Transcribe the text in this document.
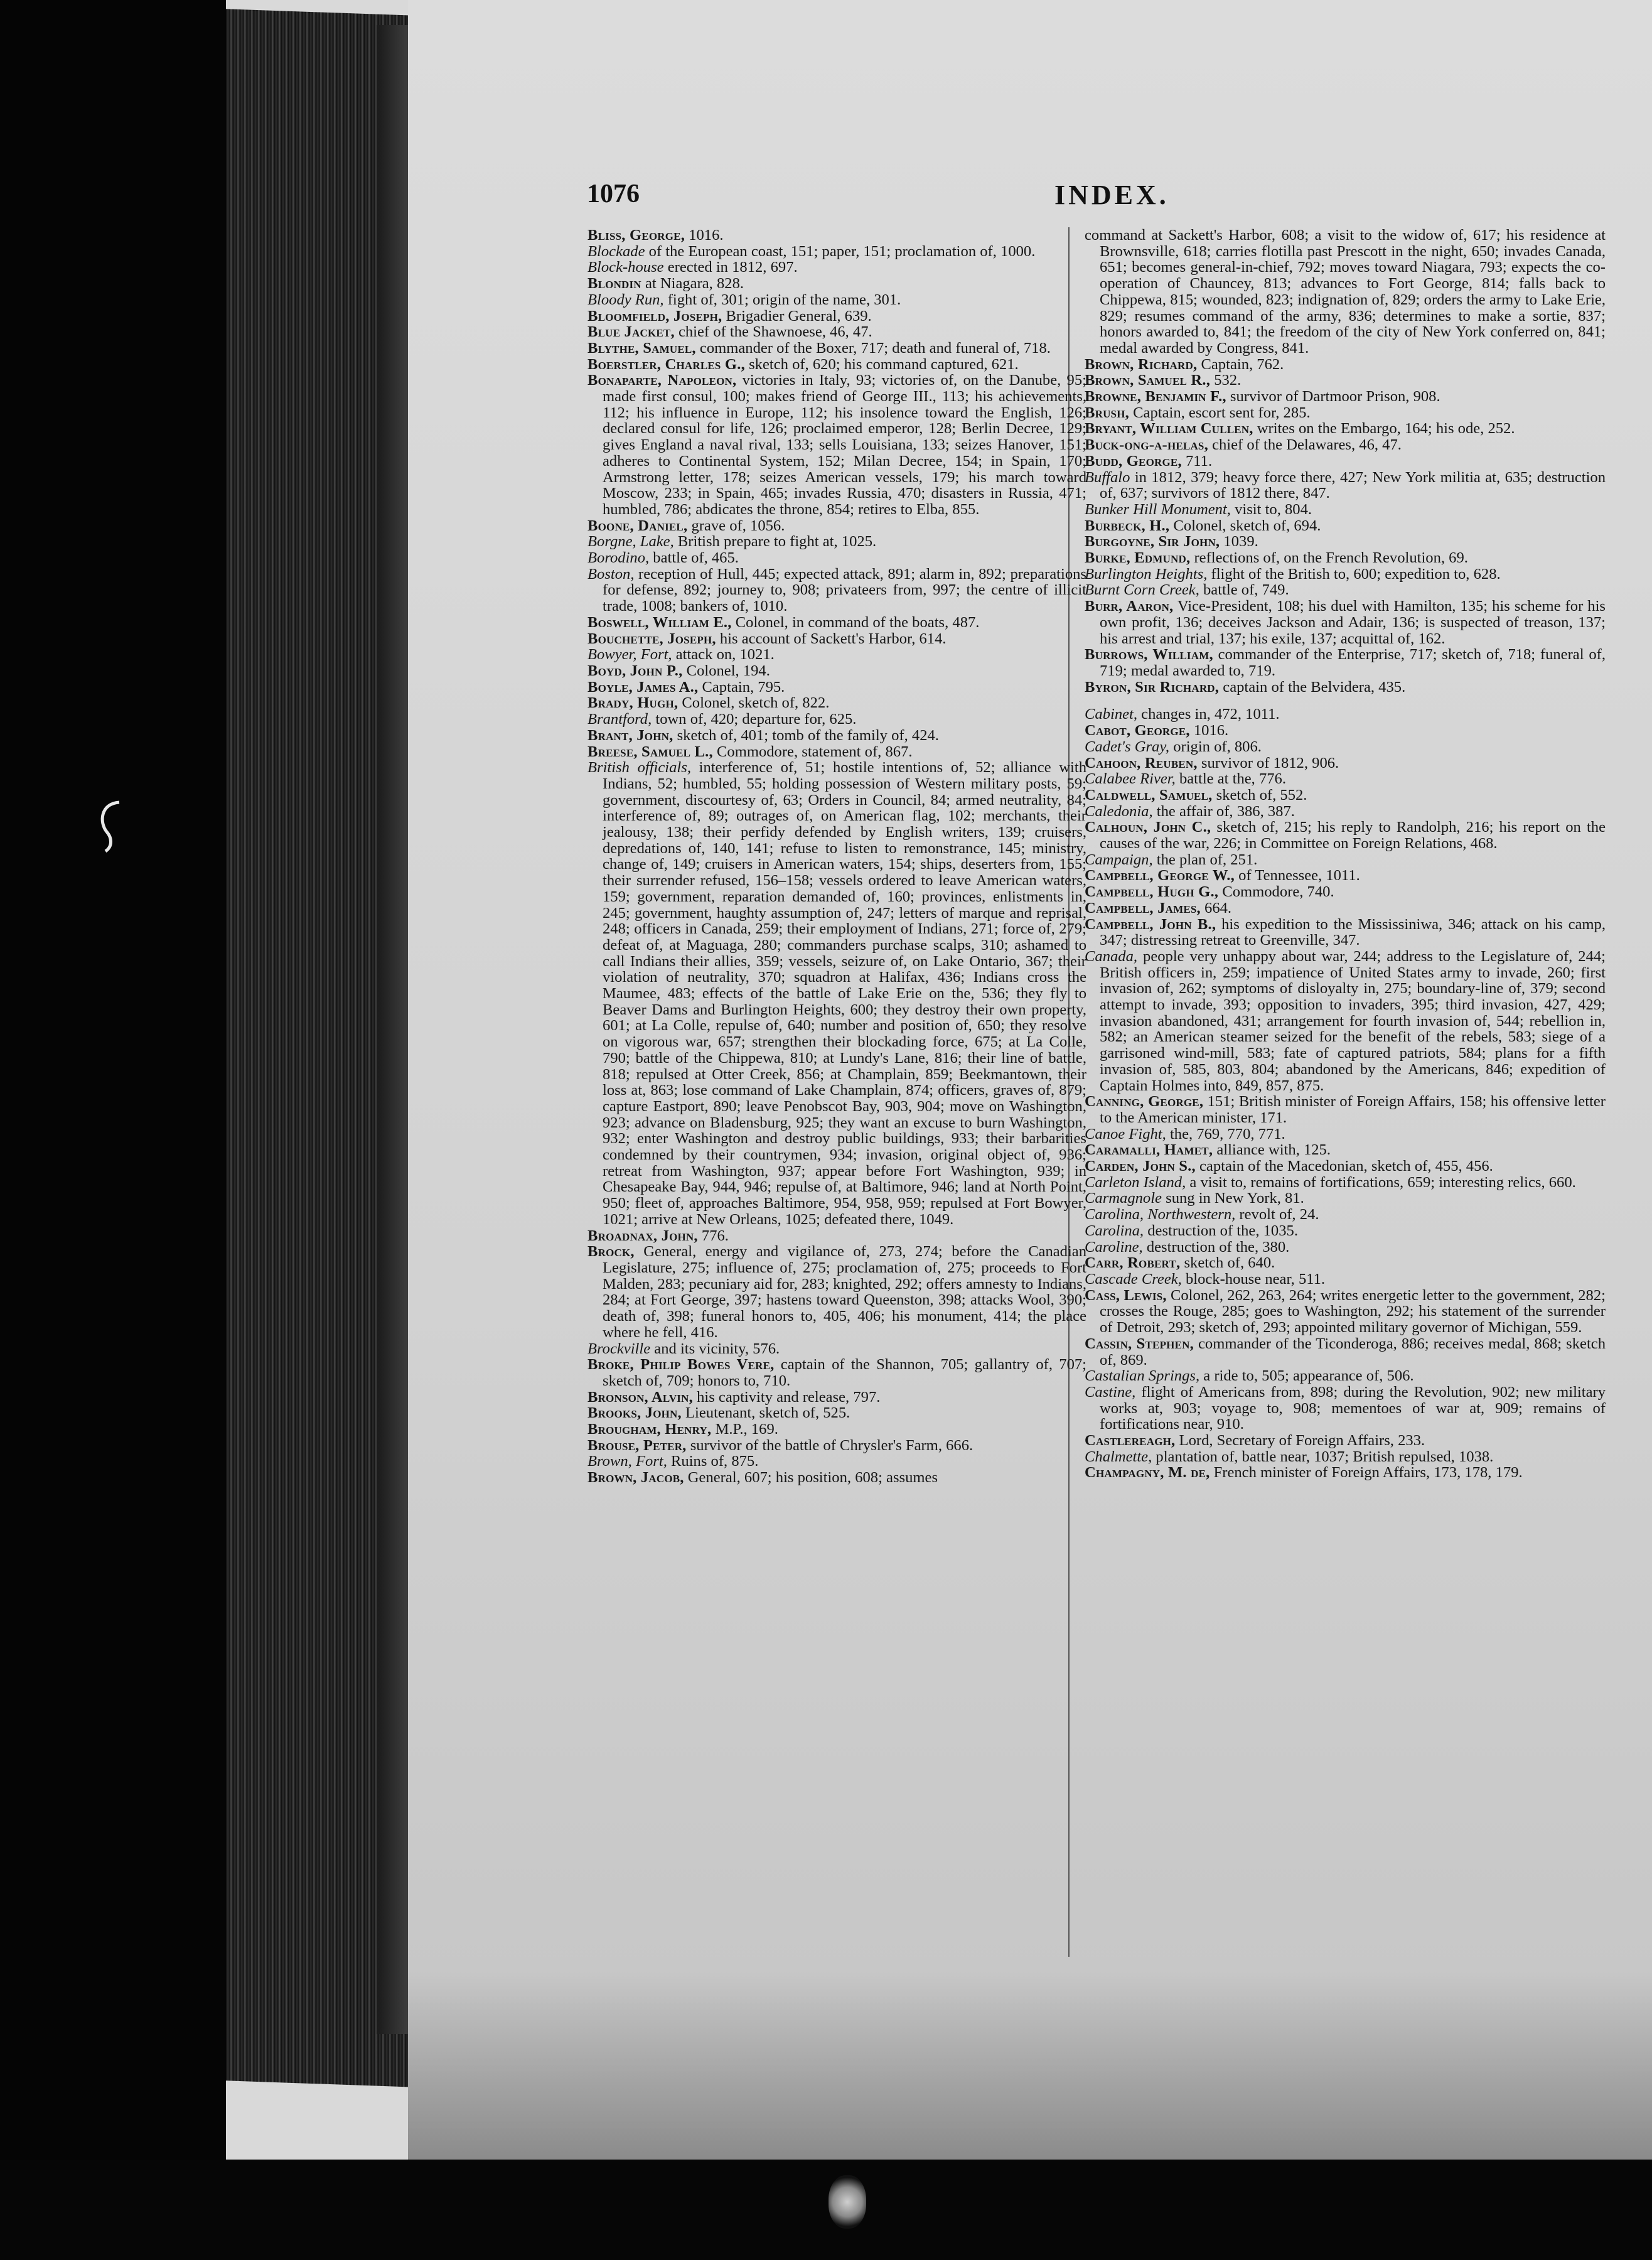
1076	INDEX.

Bliss, George, 1016.

Blockade of the European coast, 151; paper, 151; proclamation of, 1000.

Block-house erected in 1812, 697.

Blondin at Niagara, 828.

Bloody Run, fight of, 301; origin of the name, 301.

Bloomfield, Joseph, Brigadier General, 639.

Blue Jacket, chief of the Shawnoese, 46, 47.

Blythe, Samuel, commander of the Boxer, 717; death and funeral of, 718.

Boerstler, Charles G., sketch of, 620; his command captured, 621.

Bonaparte, Napoleon, victories in Italy, 93; victories of, on the Danube, 95; made first consul, 100; makes friend of George III., 113; his achievements, 112; his influence in Europe, 112; his insolence toward the English, 126; declared consul for life, 126; proclaimed emperor, 128; Berlin Decree, 129; gives England a naval rival, 133; sells Louisiana, 133; seizes Hanover, 151; adheres to Continental System, 152; Milan Decree, 154; in Spain, 170; Armstrong letter, 178; seizes American vessels, 179; his march toward Moscow, 233; in Spain, 465; invades Russia, 470; disasters in Russia, 471; humbled, 786; abdicates the throne, 854; retires to Elba, 855.

Boone, Daniel, grave of, 1056.

Borgne, Lake, British prepare to fight at, 1025.

Borodino, battle of, 465.

Boston, reception of Hull, 445; expected attack, 891; alarm in, 892; preparations for defense, 892; journey to, 908; privateers from, 997; the centre of illicit trade, 1008; bankers of, 1010.

Boswell, William E., Colonel, in command of the boats, 487.

Bouchette, Joseph, his account of Sackett's Harbor, 614.

Bowyer, Fort, attack on, 1021.

Boyd, John P., Colonel, 194.

Boyle, James A., Captain, 795.

Brady, Hugh, Colonel, sketch of, 822.

Brantford, town of, 420; departure for, 625.

Brant, John, sketch of, 401; tomb of the family of, 424.

Breese, Samuel L., Commodore, statement of, 867.

British officials, interference of, 51; hostile intentions of, 52; alliance with Indians, 52; humbled, 55; holding possession of Western military posts, 59; government, discourtesy of, 63; Orders in Council, 84; armed neutrality, 84; interference of, 89; outrages of, on American flag, 102; merchants, their jealousy, 138; their perfidy defended by English writers, 139; cruisers, depredations of, 140, 141; refuse to listen to remonstrance, 145; ministry, change of, 149; cruisers in American waters, 154; ships, deserters from, 155; their surrender refused, 156–158; vessels ordered to leave American waters, 159; government, reparation demanded of, 160; provinces, enlistments in, 245; government, haughty assumption of, 247; letters of marque and reprisal, 248; officers in Canada, 259; their employment of Indians, 271; force of, 279; defeat of, at Maguaga, 280; commanders purchase scalps, 310; ashamed to call Indians their allies, 359; vessels, seizure of, on Lake Ontario, 367; their violation of neutrality, 370; squadron at Halifax, 436; Indians cross the Maumee, 483; effects of the battle of Lake Erie on the, 536; they fly to Beaver Dams and Burlington Heights, 600; they destroy their own property, 601; at La Colle, repulse of, 640; number and position of, 650; they resolve on vigorous war, 657; strengthen their blockading force, 675; at La Colle, 790; battle of the Chippewa, 810; at Lundy's Lane, 816; their line of battle, 818; repulsed at Otter Creek, 856; at Champlain, 859; Beekmantown, their loss at, 863; lose command of Lake Champlain, 874; officers, graves of, 879; capture Eastport, 890; leave Penobscot Bay, 903, 904; move on Washington, 923; advance on Bladensburg, 925; they want an excuse to burn Washington, 932; enter Washington and destroy public buildings, 933; their barbarities condemned by their countrymen, 934; invasion, original object of, 936; retreat from Washington, 937; appear before Fort Washington, 939; in Chesapeake Bay, 944, 946; repulse of, at Baltimore, 946; land at North Point, 950; fleet of, approaches Baltimore, 954, 958, 959; repulsed at Fort Bowyer, 1021; arrive at New Orleans, 1025; defeated there, 1049.

Broadnax, John, 776.

Brock, General, energy and vigilance of, 273, 274; before the Canadian Legislature, 275; influence of, 275; proclamation of, 275; proceeds to Fort Malden, 283; pecuniary aid for, 283; knighted, 292; offers amnesty to Indians, 284; at Fort George, 397; hastens toward Queenston, 398; attacks Wool, 390; death of, 398; funeral honors to, 405, 406; his monument, 414; the place where he fell, 416.

Brockville and its vicinity, 576.

Broke, Philip Bowes Vere, captain of the Shannon, 705; gallantry of, 707; sketch of, 709; honors to, 710.

Bronson, Alvin, his captivity and release, 797.

Brooks, John, Lieutenant, sketch of, 525.

Brougham, Henry, M.P., 169.

Brouse, Peter, survivor of the battle of Chrysler's Farm, 666.

Brown, Fort, Ruins of, 875.

Brown, Jacob, General, 607; his position, 608; assumes

command at Sackett's Harbor, 608; a visit to the widow of, 617; his residence at Brownsville, 618; carries flotilla past Prescott in the night, 650; invades Canada, 651; becomes general-in-chief, 792; moves toward Niagara, 793; expects the co-operation of Chauncey, 813; advances to Fort George, 814; falls back to Chippewa, 815; wounded, 823; indignation of, 829; orders the army to Lake Erie, 829; resumes command of the army, 836; determines to make a sortie, 837; honors awarded to, 841; the freedom of the city of New York conferred on, 841; medal awarded by Congress, 841.

Brown, Richard, Captain, 762.

Brown, Samuel R., 532.

Browne, Benjamin F., survivor of Dartmoor Prison, 908.

Brush, Captain, escort sent for, 285.

Bryant, William Cullen, writes on the Embargo, 164; his ode, 252.

Buck-ong-a-helas, chief of the Delawares, 46, 47.

Budd, George, 711.

Buffalo in 1812, 379; heavy force there, 427; New York militia at, 635; destruction of, 637; survivors of 1812 there, 847.

Bunker Hill Monument, visit to, 804.

Burbeck, H., Colonel, sketch of, 694.

Burgoyne, Sir John, 1039.

Burke, Edmund, reflections of, on the French Revolution, 69.

Burlington Heights, flight of the British to, 600; expedition to, 628.

Burnt Corn Creek, battle of, 749.

Burr, Aaron, Vice-President, 108; his duel with Hamilton, 135; his scheme for his own profit, 136; deceives Jackson and Adair, 136; is suspected of treason, 137; his arrest and trial, 137; his exile, 137; acquittal of, 162.

Burrows, William, commander of the Enterprise, 717; sketch of, 718; funeral of, 719; medal awarded to, 719.

Byron, Sir Richard, captain of the Belvidera, 435.

Cabinet, changes in, 472, 1011.

Cabot, George, 1016.

Cadet's Gray, origin of, 806.

Cahoon, Reuben, survivor of 1812, 906.

Calabee River, battle at the, 776.

Caldwell, Samuel, sketch of, 552.

Caledonia, the affair of, 386, 387.

Calhoun, John C., sketch of, 215; his reply to Randolph, 216; his report on the causes of the war, 226; in Committee on Foreign Relations, 468.

Campaign, the plan of, 251.

Campbell, George W., of Tennessee, 1011.

Campbell, Hugh G., Commodore, 740.

Campbell, James, 664.

Campbell, John B., his expedition to the Mississiniwa, 346; attack on his camp, 347; distressing retreat to Greenville, 347.

Canada, people very unhappy about war, 244; address to the Legislature of, 244; British officers in, 259; impatience of United States army to invade, 260; first invasion of, 262; symptoms of disloyalty in, 275; boundary-line of, 379; second attempt to invade, 393; opposition to invaders, 395; third invasion, 427, 429; invasion abandoned, 431; arrangement for fourth invasion of, 544; rebellion in, 582; an American steamer seized for the benefit of the rebels, 583; siege of a garrisoned wind-mill, 583; fate of captured patriots, 584; plans for a fifth invasion of, 585, 803, 804; abandoned by the Americans, 846; expedition of Captain Holmes into, 849, 857, 875.

Canning, George, 151; British minister of Foreign Affairs, 158; his offensive letter to the American minister, 171.

Canoe Fight, the, 769, 770, 771.

Caramalli, Hamet, alliance with, 125.

Carden, John S., captain of the Macedonian, sketch of, 455, 456.

Carleton Island, a visit to, remains of fortifications, 659; interesting relics, 660.

Carmagnole sung in New York, 81.

Carolina, Northwestern, revolt of, 24.

Carolina, destruction of the, 1035.

Caroline, destruction of the, 380.

Carr, Robert, sketch of, 640.

Cascade Creek, block-house near, 511.

Cass, Lewis, Colonel, 262, 263, 264; writes energetic letter to the government, 282; crosses the Rouge, 285; goes to Washington, 292; his statement of the surrender of Detroit, 293; sketch of, 293; appointed military governor of Michigan, 559.

Cassin, Stephen, commander of the Ticonderoga, 886; receives medal, 868; sketch of, 869.

Castalian Springs, a ride to, 505; appearance of, 506.

Castine, flight of Americans from, 898; during the Revolution, 902; new military works at, 903; voyage to, 908; mementoes of war at, 909; remains of fortifications near, 910.

Castlereagh, Lord, Secretary of Foreign Affairs, 233.

Chalmette, plantation of, battle near, 1037; British repulsed, 1038.

Champagny, M. de, French minister of Foreign Affairs, 173, 178, 179.
